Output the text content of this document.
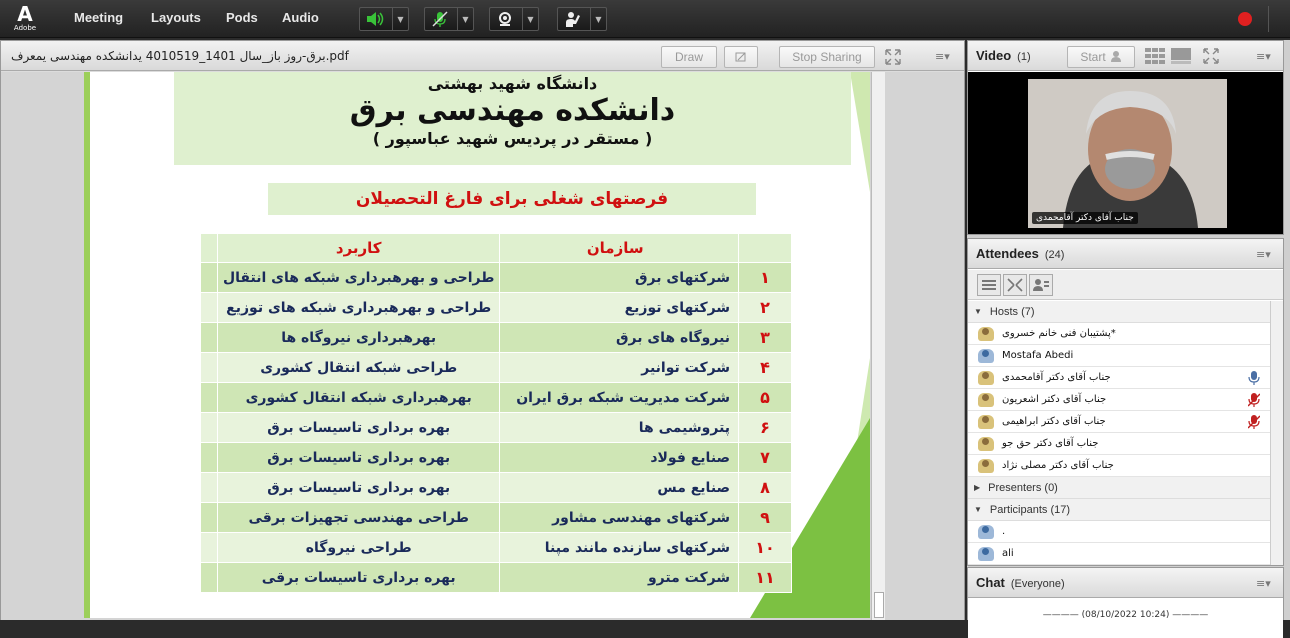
A
Adobe
Meeting Layouts Pods Audio	▼	▼	▼	▼
برق-روز باز_سال 1401_4010519 یدانشکده مهندسی یمعرف.pdf	Draw	Stop Sharing	≡▾
دانشگاه شهید بهشتی
دانشکده مهندسی برق
( مستقر در پردیس شهید عباسپور )
فرصتهای شغلی برای فارغ التحصیلان
	کاربرد	سازمان	
	طراحی و بهرهبرداری شبکه های انتقال	شرکتهای برق	۱
	طراحی و بهرهبرداری شبکه های توزیع	شرکتهای توزیع	۲
	بهرهبرداری نیروگاه ها	نیروگاه های برق	۳
	طراحی شبکه انتقال کشوری	شرکت توانیر	۴
	بهرهبرداری شبکه انتقال کشوری	شرکت مدیریت شبکه برق ایران	۵
	بهره برداری تاسیسات برق	پتروشیمی ها	۶
	بهره برداری تاسیسات برق	صنایع فولاد	۷
	بهره برداری تاسیسات برق	صنایع مس	۸
	طراحی مهندسی تجهیزات برقی	شرکتهای مهندسی مشاور	۹
	طراحی نیروگاه	شرکتهای سازنده مانند مپنا	۱۰
	بهره برداری تاسیسات برقی	شرکت مترو	۱۱
Video (1)	Start	≡▾
جناب آقای دکتر آقامحمدی
Attendees (24)	≡▾
▼ Hosts (7)
پشتیبان فنی خانم خسروی*
Mostafa Abedi
جناب آقای دکتر آقامحمدی
جناب آقای دکتر اشعریون
جناب آقای دکتر ابراهیمی
جناب آقای دکتر حق جو
جناب آقای دکتر مصلی نژاد
▶ Presenters (0)
▼ Participants (17)
.
ali
Chat (Everyone)	≡▾
———— (08/10/2022 10:24) ————
